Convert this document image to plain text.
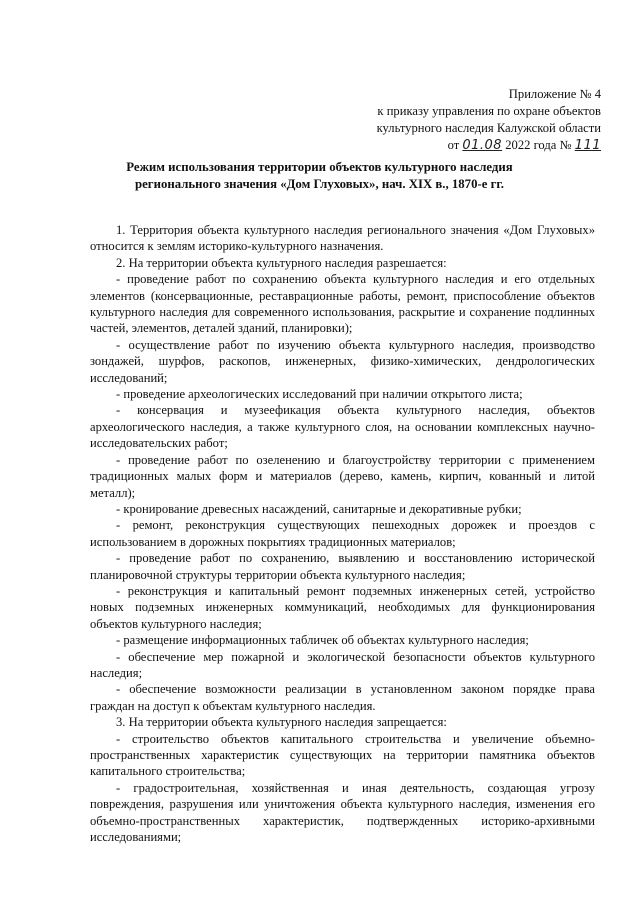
Приложение № 4
к приказу управления по охране объектов
культурного наследия Калужской области
от 01.08 2022 года № 111
Режим использования территории объектов культурного наследия
регионального значения «Дом Глуховых», нач. XIX в., 1870-е гг.

1. Территория объекта культурного наследия регионального значения «Дом Глуховых» относится к землям историко-культурного назначения.

2. На территории объекта культурного наследия разрешается:

- проведение работ по сохранению объекта культурного наследия и его отдельных элементов (консервационные, реставрационные работы, ремонт, приспособление объектов культурного наследия для современного использования, раскрытие и сохранение подлинных частей, элементов, деталей зданий, планировки);

- осуществление работ по изучению объекта культурного наследия, производство зондажей, шурфов, раскопов, инженерных, физико-химических, дендрологических исследований;

- проведение археологических исследований при наличии открытого листа;

- консервация и музеефикация объекта культурного наследия, объектов археологического наследия, а также культурного слоя, на основании комплексных научно-исследовательских работ;

- проведение работ по озеленению и благоустройству территории с применением традиционных малых форм и материалов (дерево, камень, кирпич, кованный и литой металл);

- кронирование древесных насаждений, санитарные и декоративные рубки;

- ремонт, реконструкция существующих пешеходных дорожек и проездов с использованием в дорожных покрытиях традиционных материалов;

- проведение работ по сохранению, выявлению и восстановлению исторической планировочной структуры территории объекта культурного наследия;

- реконструкция и капитальный ремонт подземных инженерных сетей, устройство новых подземных инженерных коммуникаций, необходимых для функционирования объектов культурного наследия;

- размещение информационных табличек об объектах культурного наследия;

- обеспечение мер пожарной и экологической безопасности объектов культурного наследия;

- обеспечение возможности реализации в установленном законом порядке права граждан на доступ к объектам культурного наследия.

3. На территории объекта культурного наследия запрещается:

- строительство объектов капитального строительства и увеличение объемно-пространственных характеристик существующих на территории памятника объектов капитального строительства;

- градостроительная, хозяйственная и иная деятельность, создающая угрозу повреждения, разрушения или уничтожения объекта культурного наследия, изменения его объемно-пространственных характеристик, подтвержденных историко-архивными исследованиями;
